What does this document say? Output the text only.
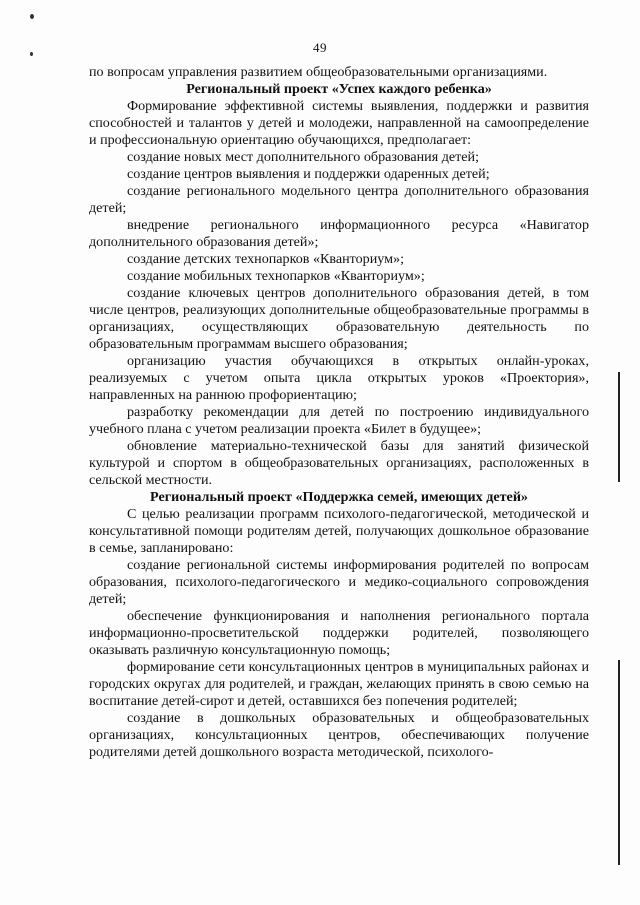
49

по вопросам управления развитием общеобразовательными организациями.

Региональный проект «Успех каждого ребенка»

Формирование эффективной системы выявления, поддержки и развития способностей и талантов у детей и молодежи, направленной на самоопределение и профессиональную ориентацию обучающихся, предполагает:

создание новых мест дополнительного образования детей;

создание центров выявления и поддержки одаренных детей;

создание регионального модельного центра дополнительного образования детей;

внедрение регионального информационного ресурса «Навигатор дополнительного образования детей»;

создание детских технопарков «Кванториум»;

создание мобильных технопарков «Кванториум»;

создание ключевых центров дополнительного образования детей, в том числе центров, реализующих дополнительные общеобразовательные программы в организациях, осуществляющих образовательную деятельность по образовательным программам высшего образования;

организацию участия обучающихся в открытых онлайн-уроках, реализуемых с учетом опыта цикла открытых уроков «Проектория», направленных на раннюю профориентацию;

разработку рекомендации для детей по построению индивидуального учебного плана с учетом реализации проекта «Билет в будущее»;

обновление материально-технической базы для занятий физической культурой и спортом в общеобразовательных организациях, расположенных в сельской местности.

Региональный проект «Поддержка семей, имеющих детей»

С целью реализации программ психолого-педагогической, методической и консультативной помощи родителям детей, получающих дошкольное образование в семье, запланировано:

создание региональной системы информирования родителей по вопросам образования, психолого-педагогического и медико-социального сопровождения детей;

обеспечение функционирования и наполнения регионального портала информационно-просветительской поддержки родителей, позволяющего оказывать различную консультационную помощь;

формирование сети консультационных центров в муниципальных районах и городских округах для родителей, и граждан, желающих принять в свою семью на воспитание детей-сирот и детей, оставшихся без попечения родителей;

создание в дошкольных образовательных и общеобразовательных организациях, консультационных центров, обеспечивающих получение родителями детей дошкольного возраста методической, психолого-
